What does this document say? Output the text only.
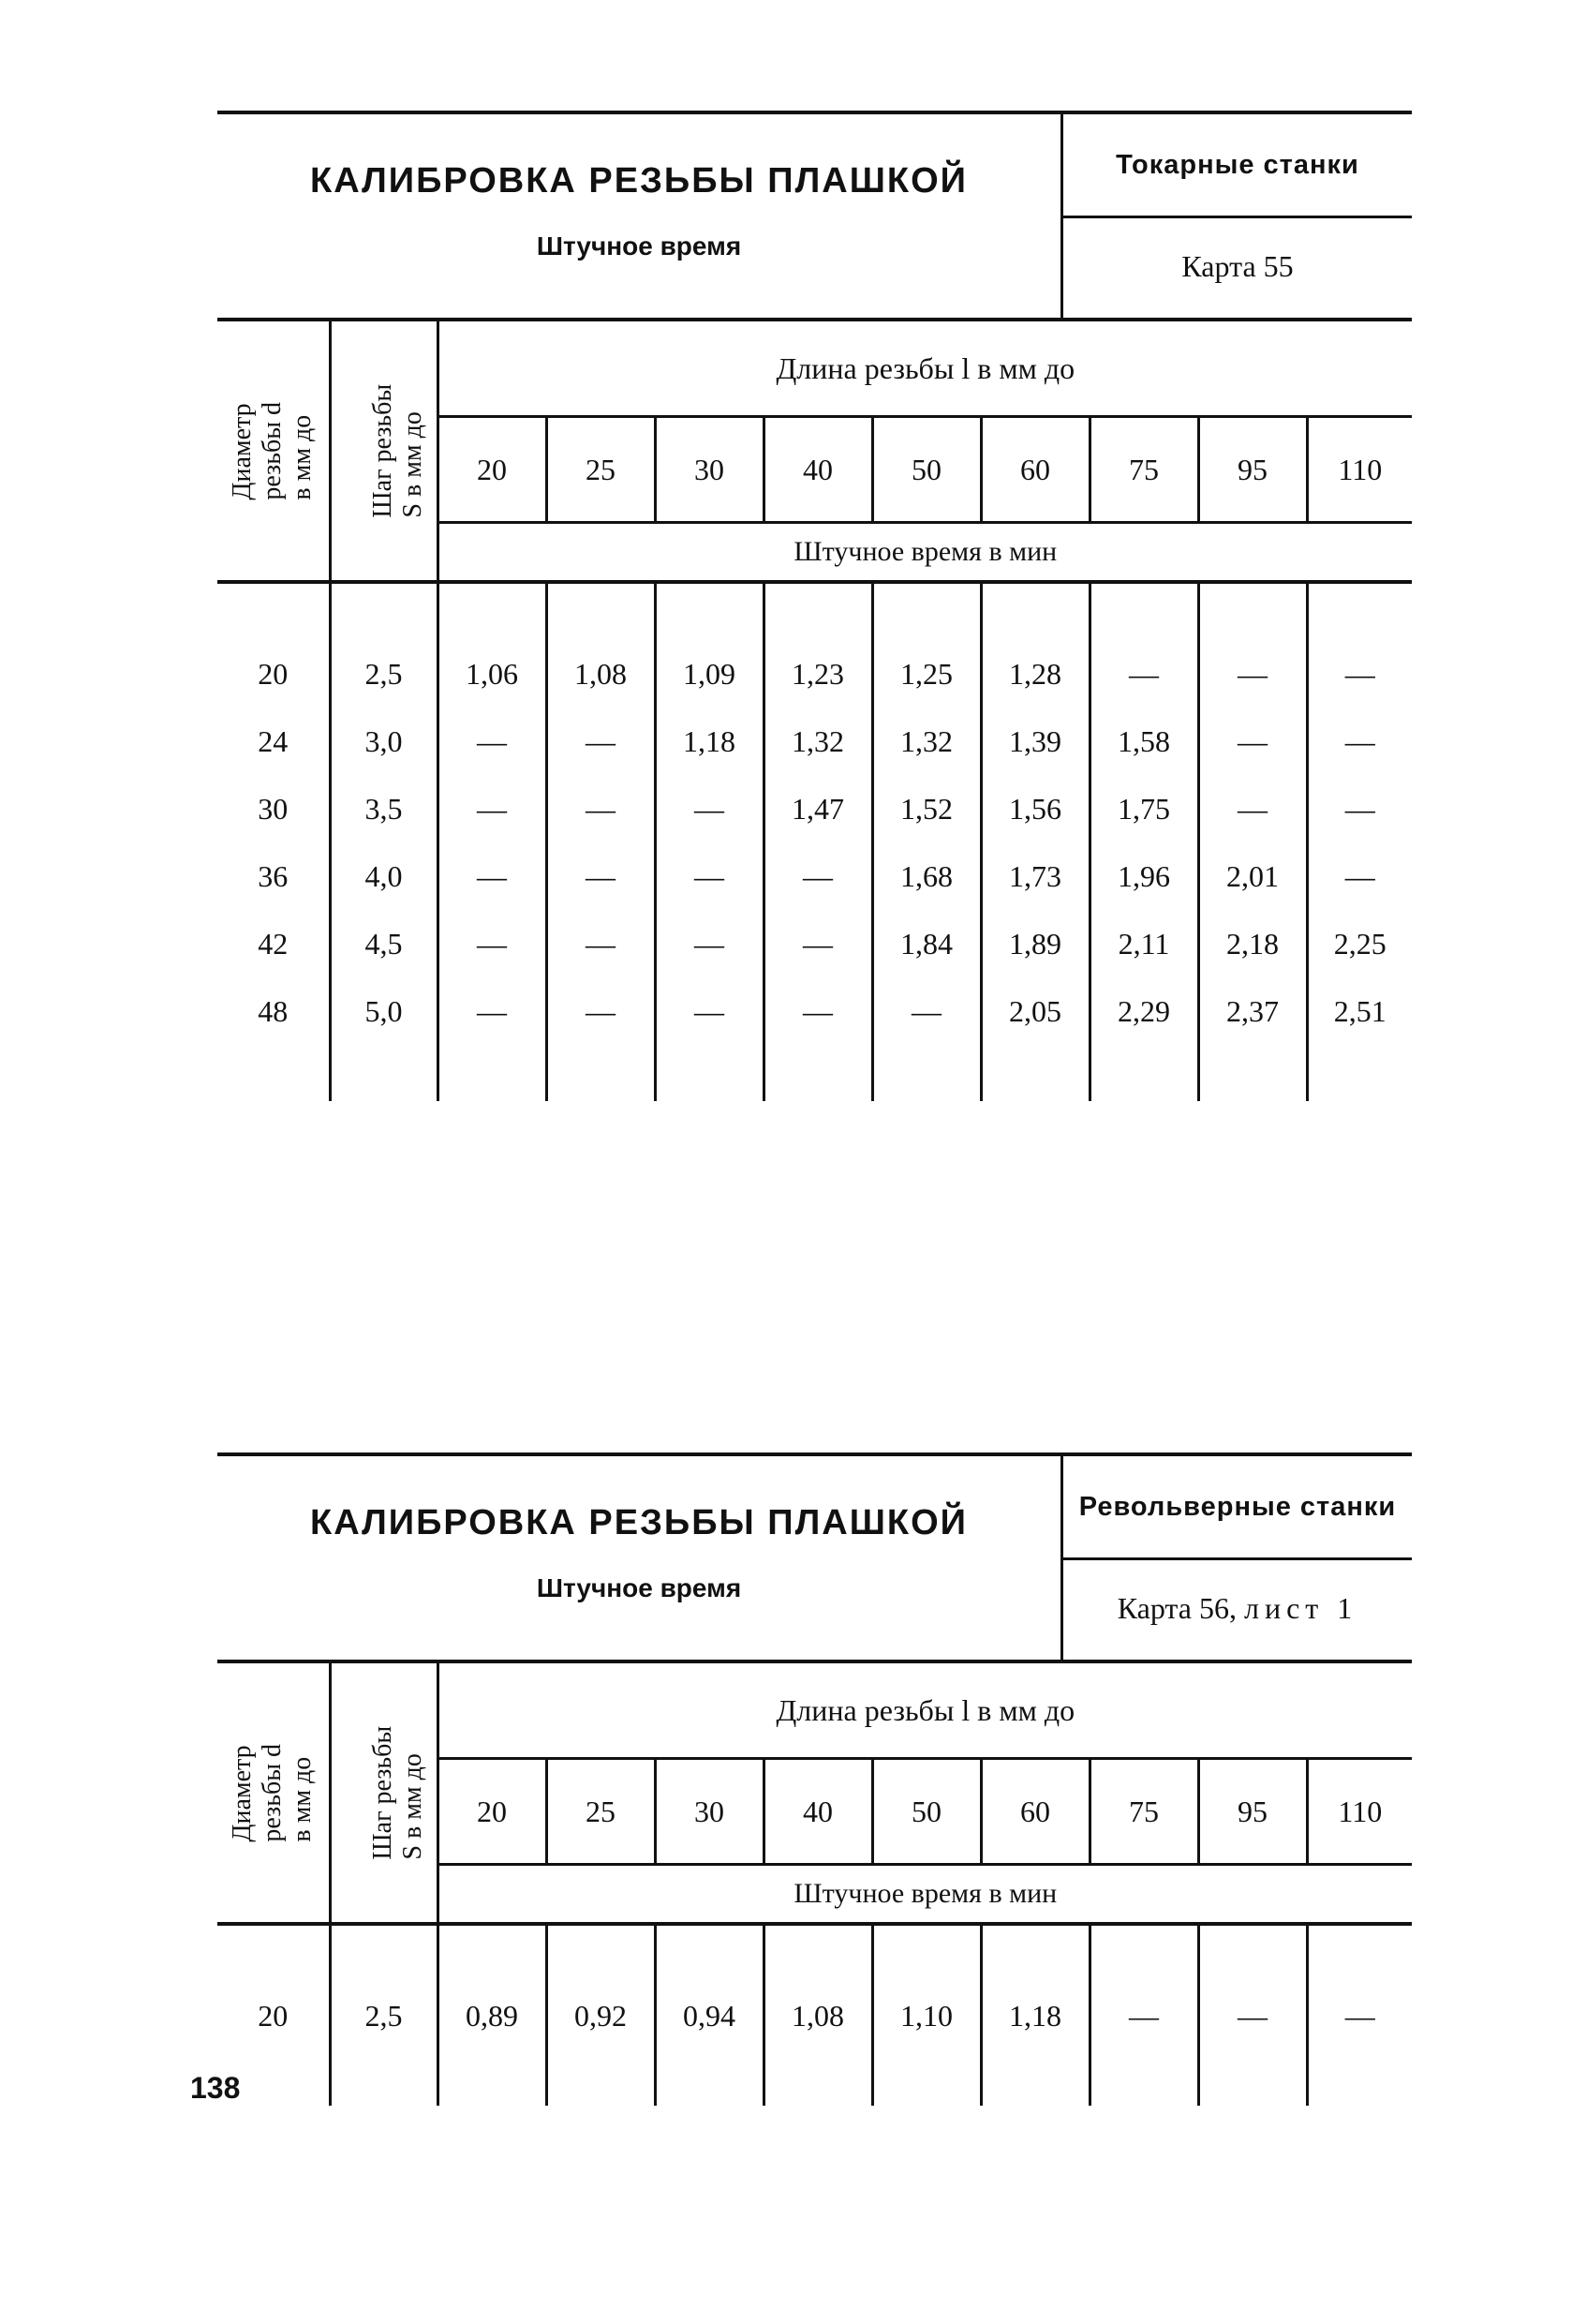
КАЛИБРОВКА РЕЗЬБЫ ПЛАШКОЙ
Штучное время
Токарные станки
Карта 55
Диаметр
резьбы d
в мм до	Шаг резьбы
S в мм до	Длина резьбы l в мм до								
		20	25	30	40	50	60	75	95	110
		Штучное время в мин								

20	2,5	1,06	1,08	1,09	1,23	1,25	1,28	—	—	—
24	3,0	—	—	1,18	1,32	1,32	1,39	1,58	—	—
30	3,5	—	—	—	1,47	1,52	1,56	1,75	—	—
36	4,0	—	—	—	—	1,68	1,73	1,96	2,01	—
42	4,5	—	—	—	—	1,84	1,89	2,11	2,18	2,25
48	5,0	—	—	—	—	—	2,05	2,29	2,37	2,51

КАЛИБРОВКА РЕЗЬБЫ ПЛАШКОЙ
Штучное время
Револьверные станки
Карта 56,
лист 1
Диаметр
резьбы d
в мм до	Шаг резьбы
S в мм до	Длина резьбы l в мм до								
		20	25	30	40	50	60	75	95	110
		Штучное время в мин								

20	2,5	0,89	0,92	0,94	1,08	1,10	1,18	—	—	—

138
